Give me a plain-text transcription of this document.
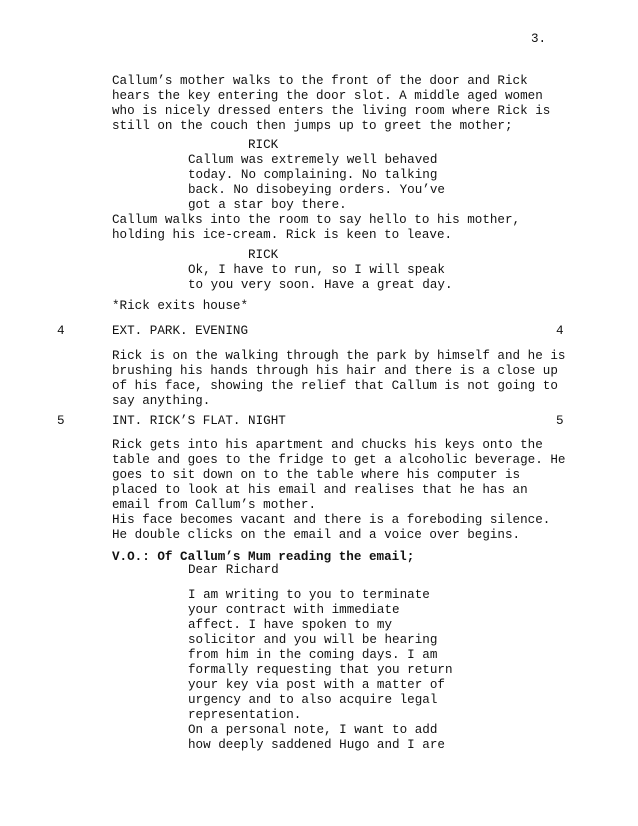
3.
Callum’s mother walks to the front of the door and Rick
hears the key entering the door slot. A middle aged women
who is nicely dressed enters the living room where Rick is
still on the couch then jumps up to greet the mother;
RICK
Callum was extremely well behaved
today. No complaining. No talking
back. No disobeying orders. You’ve
got a star boy there.
Callum walks into the room to say hello to his mother,
holding his ice-cream. Rick is keen to leave.
RICK
Ok, I have to run, so I will speak
to you very soon. Have a great day.
*Rick exits house*
4	EXT. PARK. EVENING	4
Rick is on the walking through the park by himself and he is
brushing his hands through his hair and there is a close up
of his face, showing the relief that Callum is not going to
say anything.
5	INT. RICK’S FLAT. NIGHT	5
Rick gets into his apartment and chucks his keys onto the
table and goes to the fridge to get a alcoholic beverage. He
goes to sit down on to the table where his computer is
placed to look at his email and realises that he has an
email from Callum’s mother.
His face becomes vacant and there is a foreboding silence.
He double clicks on the email and a voice over begins.
V.O.: Of Callum’s Mum reading the email;
Dear Richard
I am writing to you to terminate
your contract with immediate
affect. I have spoken to my
solicitor and you will be hearing
from him in the coming days. I am
formally requesting that you return
your key via post with a matter of
urgency and to also acquire legal
representation.
On a personal note, I want to add
how deeply saddened Hugo and I are
